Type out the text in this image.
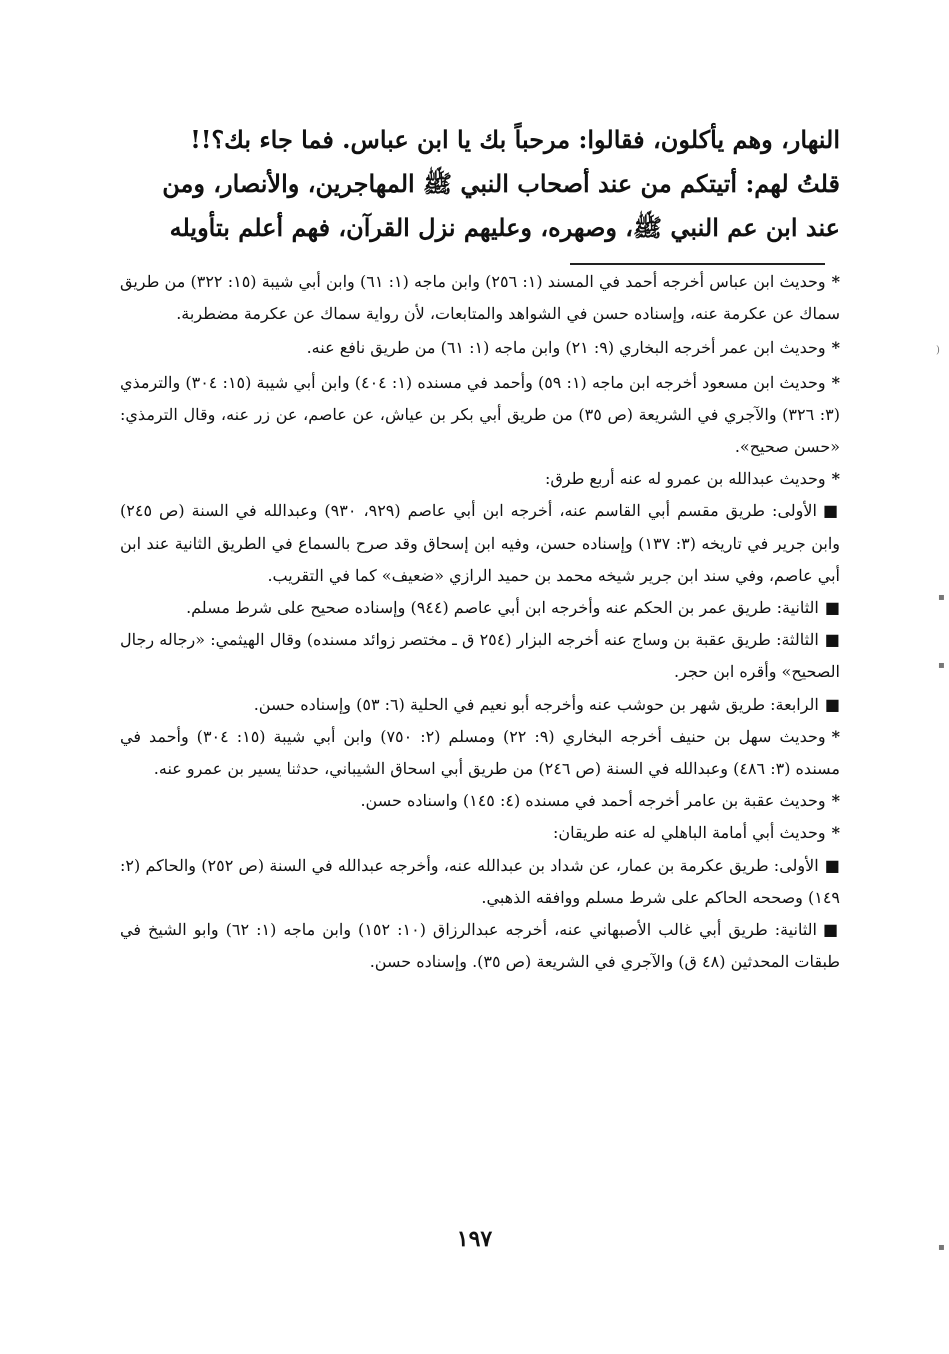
النهار، وهم يأكلون، فقالوا: مرحباً بك يا ابن عباس. فما جاء بك؟!!

قلتُ لهم: أتيتكم من عند أصحاب النبي ﷺ المهاجرين، والأنصار، ومن

عند ابن عم النبي ﷺ، وصهره، وعليهم نزل القرآن، فهم أعلم بتأويله

*وحديث ابن عباس أخرجه أحمد في المسند (١: ٢٥٦) وابن ماجه (١: ٦١) وابن أبي شيبة (١٥: ٣٢٢) من طريق سماك عن عكرمة عنه، وإسناده حسن في الشواهد والمتابعات، لأن رواية سماك عن عكرمة مضطربة.

*وحديث ابن عمر أخرجه البخاري (٩: ٢١) وابن ماجه (١: ٦١) من طريق نافع عنه.

*وحديث ابن مسعود أخرجه ابن ماجه (١: ٥٩) وأحمد في مسنده (١: ٤٠٤) وابن أبي شيبة (١٥: ٣٠٤) والترمذي (٣: ٣٢٦) والآجري في الشريعة (ص ٣٥) من طريق أبي بكر بن عياش، عن عاصم، عن زر عنه، وقال الترمذي: «حسن صحيح».

*وحديث عبدالله بن عمرو له عنه أربع طرق:

■الأولى: طريق مقسم أبي القاسم عنه، أخرجه ابن أبي عاصم (٩٢٩، ٩٣٠) وعبدالله في السنة (ص ٢٤٥) وابن جرير في تاريخه (٣: ١٣٧) وإسناده حسن، وفيه ابن إسحاق وقد صرح بالسماع في الطريق الثانية عند ابن أبي عاصم، وفي سند ابن جرير شيخه محمد بن حميد الرازي «ضعيف» كما في التقريب.

■الثانية: طريق عمر بن الحكم عنه وأخرجه ابن أبي عاصم (٩٤٤) وإسناده صحيح على شرط مسلم.

■الثالثة: طريق عقبة بن وساج عنه أخرجه البزار (٢٥٤ ق ـ مختصر زوائد مسنده) وقال الهيثمي: «رجاله رجال الصحيح» وأقره ابن حجر.

■الرابعة: طريق شهر بن حوشب عنه وأخرجه أبو نعيم في الحلية (٦: ٥٣) وإسناده حسن.

*وحديث سهل بن حنيف أخرجه البخاري (٩: ٢٢) ومسلم (٢: ٧٥٠) وابن أبي شيبة (١٥: ٣٠٤) وأحمد في مسنده (٣: ٤٨٦) وعبدالله في السنة (ص ٢٤٦) من طريق أبي اسحاق الشيباني، حدثنا يسير بن عمرو عنه.

*وحديث عقبة بن عامر أخرجه أحمد في مسنده (٤: ١٤٥) واسناده حسن.

*وحديث أبي أمامة الباهلي له عنه طريقان:

■الأولى: طريق عكرمة بن عمار، عن شداد بن عبدالله عنه، وأخرجه عبدالله في السنة (ص ٢٥٢) والحاكم (٢: ١٤٩) وصححه الحاكم على شرط مسلم ووافقه الذهبي.

■الثانية: طريق أبي غالب الأصبهاني عنه، أخرجه عبدالرزاق (١٠: ١٥٢) وابن ماجه (١: ٦٢) وابو الشيخ في طبقات المحدثين (٤٨ ق) والآجري في الشريعة (ص ٣٥). وإسناده حسن.

١٩٧
)
▪
▪
▪
